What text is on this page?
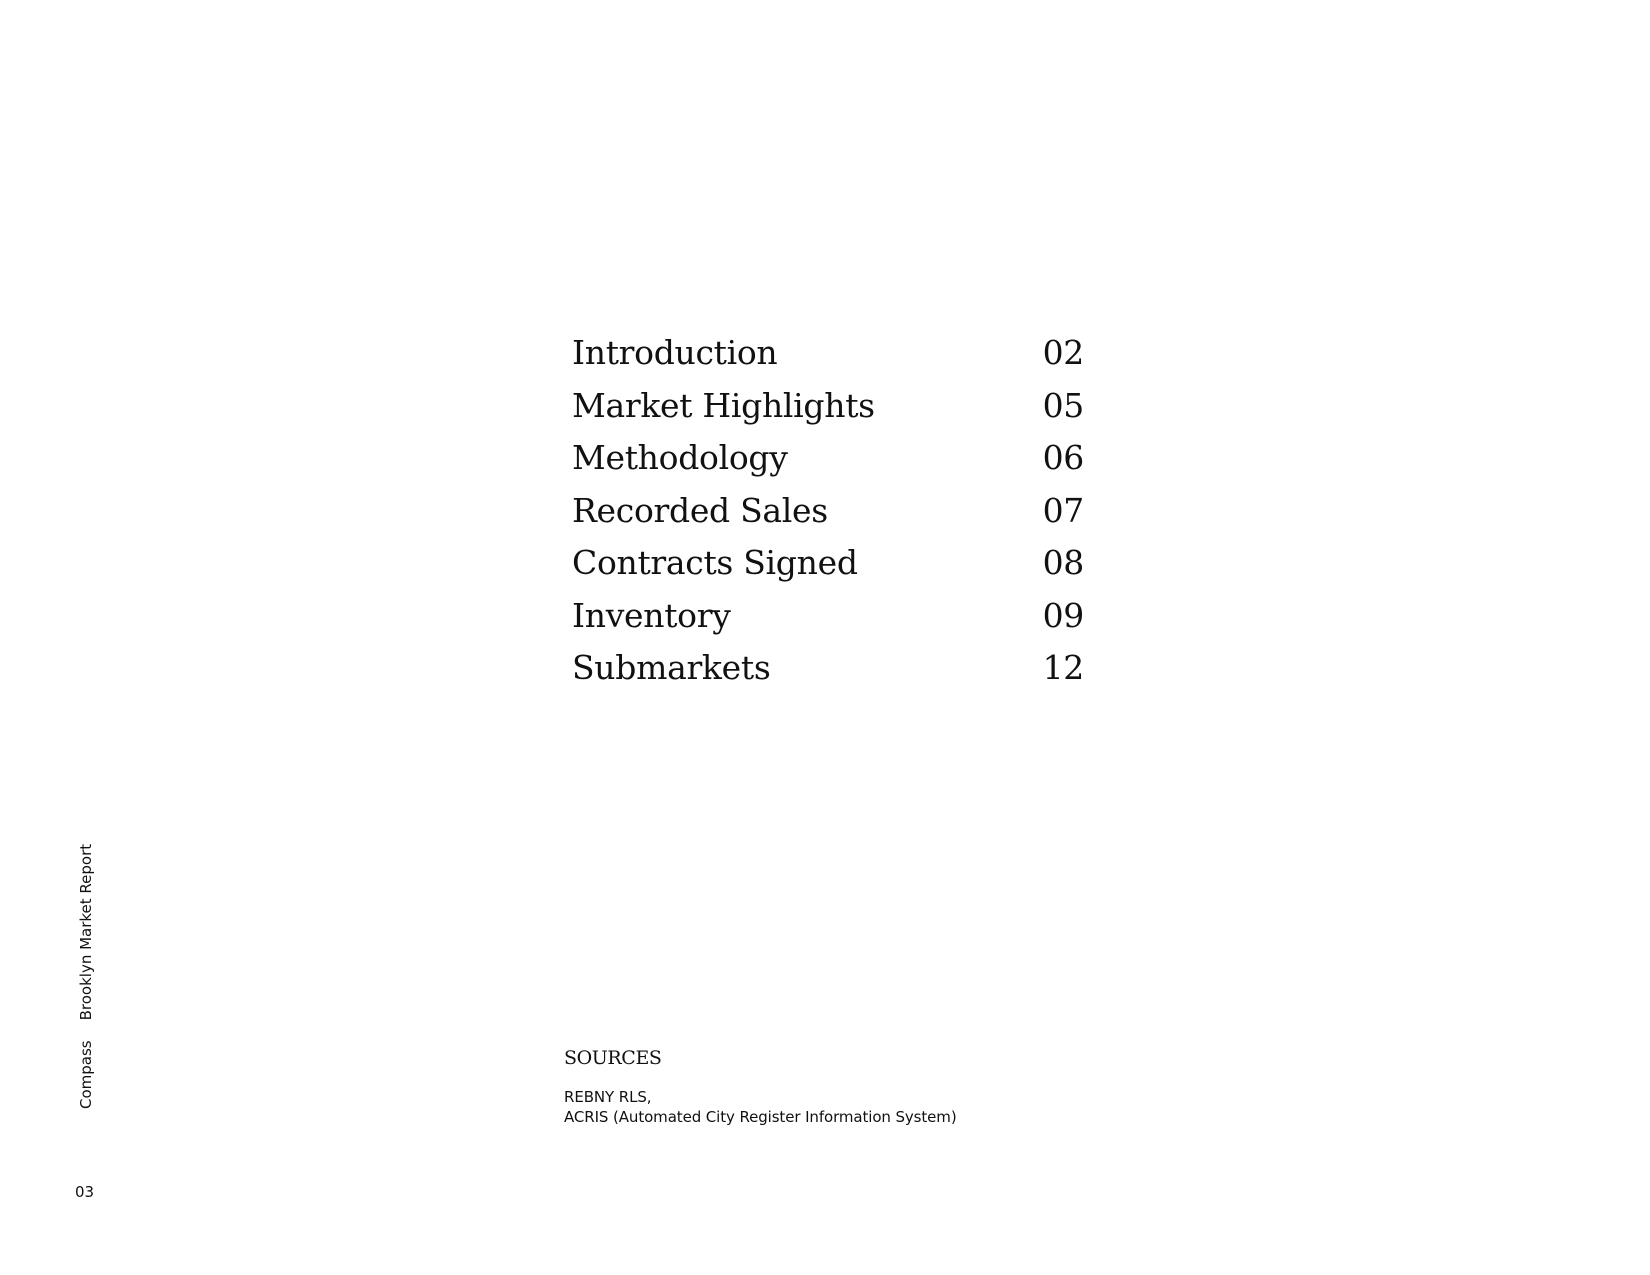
Introduction	02
Market Highlights	05
Methodology	06
Recorded Sales	07
Contracts Signed	08
Inventory	09
Submarkets	12
SOURCES
REBNY RLS,
ACRIS (Automated City Register Information System)
Compass
Brooklyn Market Report
03
